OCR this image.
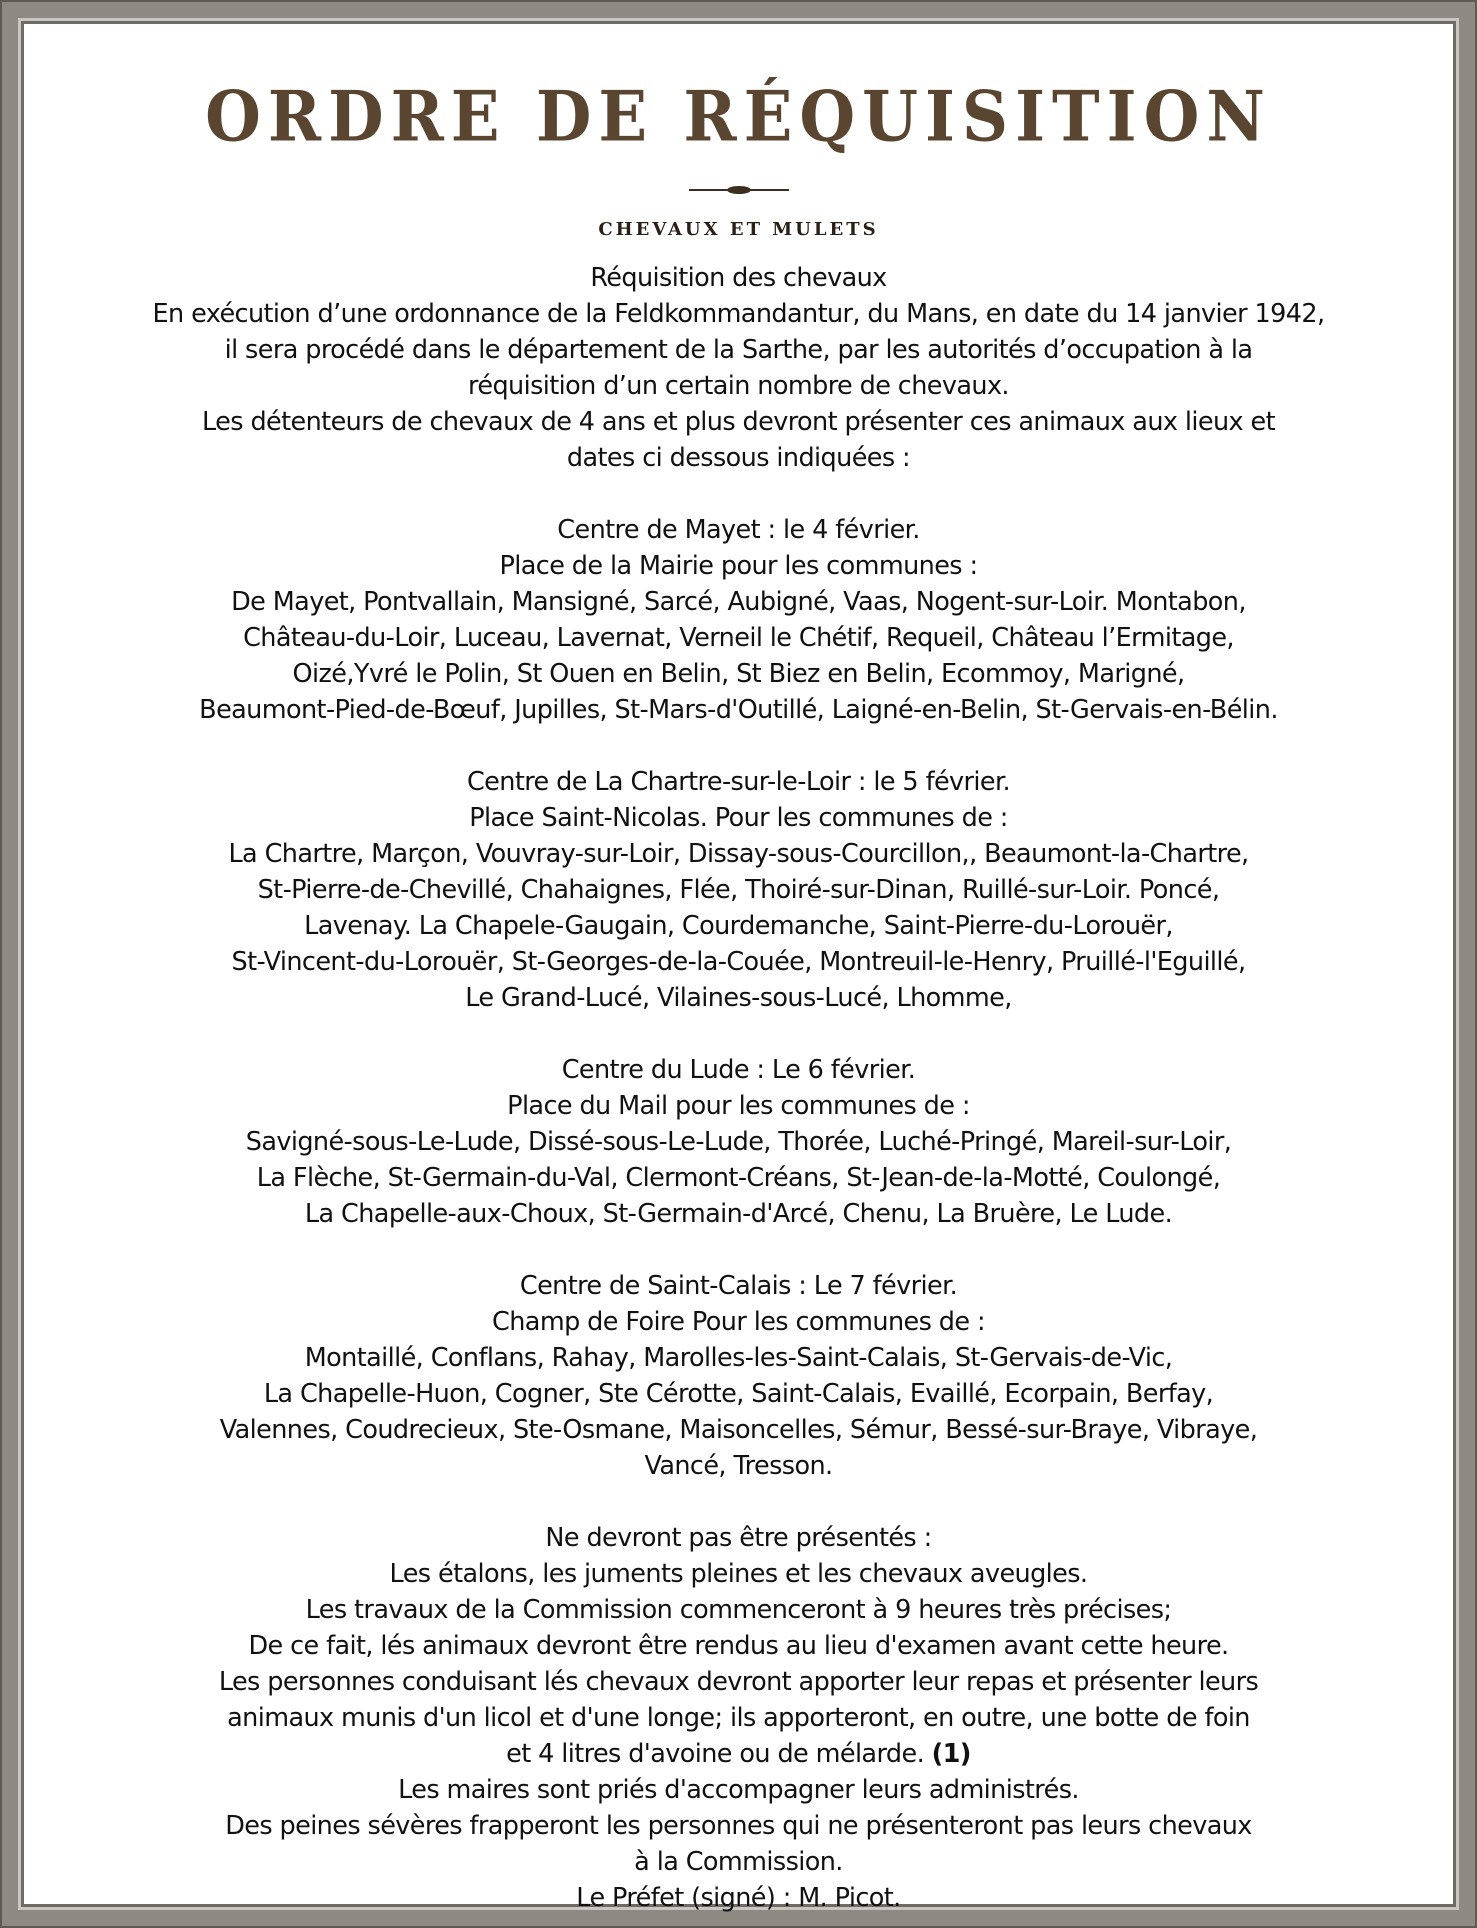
ORDRE DE RÉQUISITION
CHEVAUX ET MULETS
Réquisition des chevaux
En exécution d’une ordonnance de la Feldkommandantur, du Mans, en date du 14 janvier 1942,
il sera procédé dans le département de la Sarthe, par les autorités d’occupation à la
réquisition d’un certain nombre de chevaux.
Les détenteurs de chevaux de 4 ans et plus devront présenter ces animaux aux lieux et
dates ci dessous indiquées :
Centre de Mayet : le 4 février.
Place de la Mairie pour les communes :
De Mayet, Pontvallain, Mansigné, Sarcé, Aubigné, Vaas, Nogent-sur-Loir. Montabon,
Château-du-Loir, Luceau, Lavernat, Verneil le Chétif, Requeil, Château l’Ermitage,
Oizé,Yvré le Polin, St Ouen en Belin, St Biez en Belin, Ecommoy, Marigné,
Beaumont-Pied-de-Bœuf, Jupilles, St-Mars-d'Outillé, Laigné-en-Belin, St-Gervais-en-Bélin.
Centre de La Chartre-sur-le-Loir : le 5 février.
Place Saint-Nicolas. Pour les communes de :
La Chartre, Marçon, Vouvray-sur-Loir, Dissay-sous-Courcillon,, Beaumont-la-Chartre,
St-Pierre-de-Chevillé, Chahaignes, Flée, Thoiré-sur-Dinan, Ruillé-sur-Loir. Poncé,
Lavenay. La Chapele-Gaugain, Courdemanche, Saint-Pierre-du-Lorouër,
St-Vincent-du-Lorouër, St-Georges-de-la-Couée, Montreuil-le-Henry, Pruillé-l'Eguillé,
Le Grand-Lucé, Vilaines-sous-Lucé, Lhomme,
Centre du Lude : Le 6 février.
Place du Mail pour les communes de :
Savigné-sous-Le-Lude, Dissé-sous-Le-Lude, Thorée, Luché-Pringé, Mareil-sur-Loir,
La Flèche, St-Germain-du-Val, Clermont-Créans, St-Jean-de-la-Motté, Coulongé,
La Chapelle-aux-Choux, St-Germain-d'Arcé, Chenu, La Bruère, Le Lude.
Centre de Saint-Calais : Le 7 février.
Champ de Foire Pour les communes de :
Montaillé, Conflans, Rahay, Marolles-les-Saint-Calais, St-Gervais-de-Vic,
La Chapelle-Huon, Cogner, Ste Cérotte, Saint-Calais, Evaillé, Ecorpain, Berfay,
Valennes, Coudrecieux, Ste-Osmane, Maisoncelles, Sémur, Bessé-sur-Braye, Vibraye,
Vancé, Tresson.
Ne devront pas être présentés :
Les étalons, les juments pleines et les chevaux aveugles.
Les travaux de la Commission commenceront à 9 heures très précises;
De ce fait, lés animaux devront être rendus au lieu d'examen avant cette heure.
Les personnes conduisant lés chevaux devront apporter leur repas et présenter leurs
animaux munis d'un licol et d'une longe; ils apporteront, en outre, une botte de foin
et 4 litres d'avoine ou de mélarde. (1)
Les maires sont priés d'accompagner leurs administrés.
Des peines sévères frapperont les personnes qui ne présenteront pas leurs chevaux
à la Commission.
Le Préfet (signé) : M. Picot.
